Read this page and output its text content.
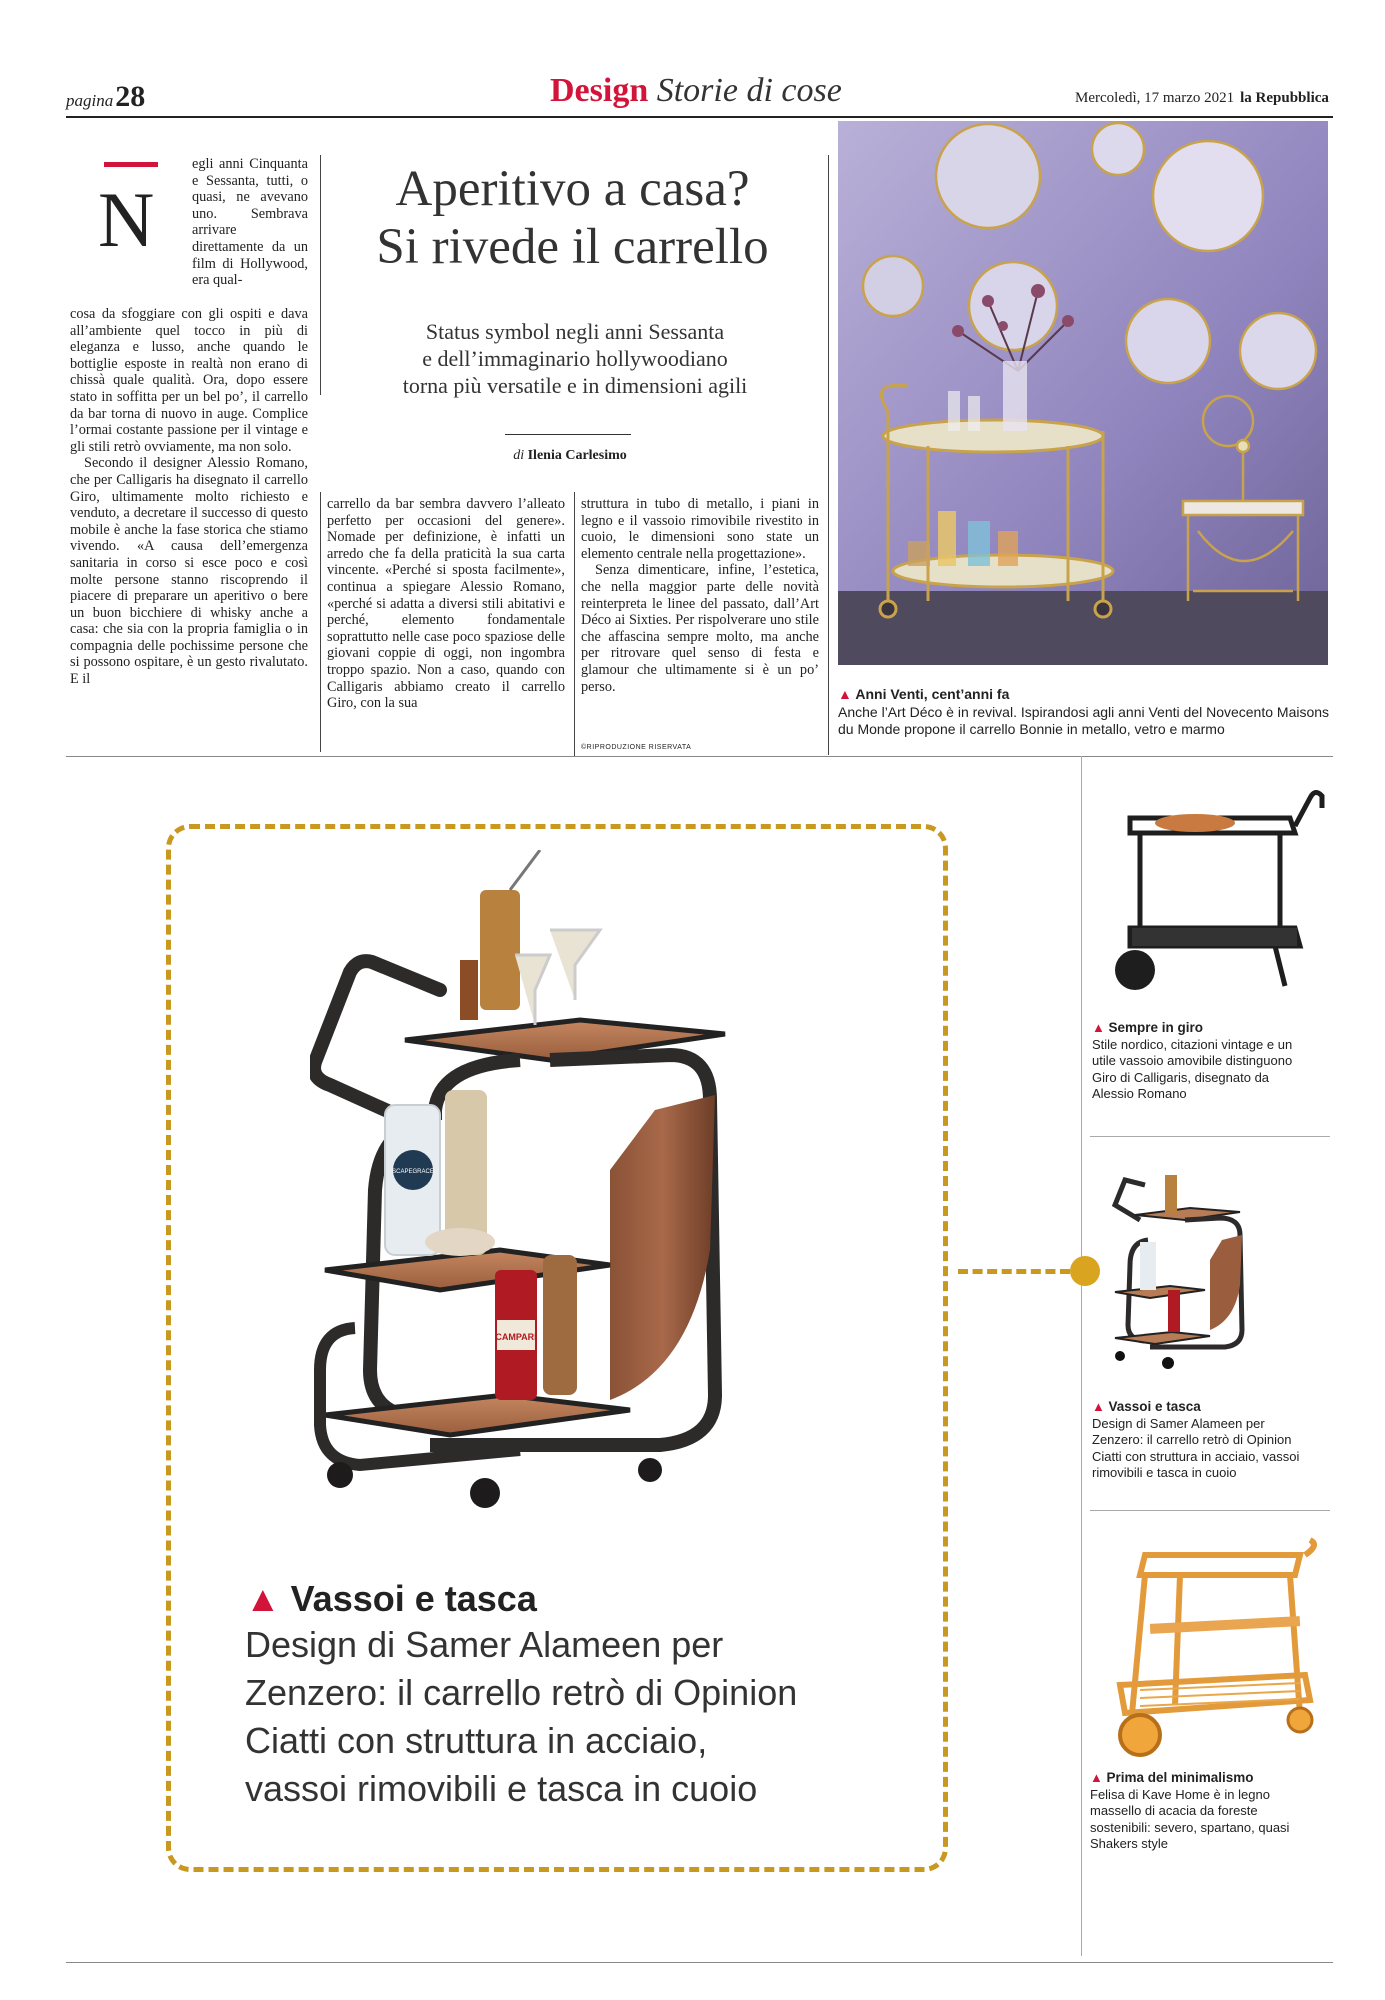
pagina28	Design Storie di cose	Mercoledì, 17 marzo 2021 la Repubblica
N

egli anni Cinquanta e Sessanta, tutti, o quasi, ne avevano uno. Sembrava arrivare direttamente da un film di Hollywood, era qual-

cosa da sfoggiare con gli ospiti e dava all’ambiente quel tocco in più di eleganza e lusso, anche quando le bottiglie esposte in realtà non erano di chissà quale qualità. Ora, dopo essere stato in soffitta per un bel po’, il carrello da bar torna di nuovo in auge. Complice l’ormai costante passione per il vintage e gli stili retrò ovviamente, ma non solo.

Secondo il designer Alessio Romano, che per Calligaris ha disegnato il carrello Giro, ultimamente molto richiesto e venduto, a decretare il successo di questo mobile è anche la fase storica che stiamo vivendo. «A causa dell’emergenza sanitaria in corso si esce poco e così molte persone stanno riscoprendo il piacere di preparare un aperitivo o bere un buon bicchiere di whisky anche a casa: che sia con la propria famiglia o in compagnia delle pochissime persone che si possono ospitare, è un gesto rivalutato. E il

Aperitivo a casa?
Si rivede il carrello
Status symbol negli anni Sessanta
e dell’immaginario hollywoodiano
torna più versatile e in dimensioni agili
di Ilenia Carlesimo

carrello da bar sembra davvero l’alleato perfetto per occasioni del genere». Nomade per definizione, è infatti un arredo che fa della praticità la sua carta vincente. «Perché si sposta facilmente», continua a spiegare Alessio Romano, «perché si adatta a diversi stili abitativi e perché, elemento fondamentale soprattutto nelle case poco spaziose delle giovani coppie di oggi, non ingombra troppo spazio. Non a caso, quando con Calligaris abbiamo creato il carrello Giro, con la sua

struttura in tubo di metallo, i piani in legno e il vassoio rimovibile rivestito in cuoio, le dimensioni sono state un elemento centrale nella progettazione».

Senza dimenticare, infine, l’estetica, che nella maggior parte delle novità reinterpreta le linee del passato, dall’Art Déco ai Sixties. Per rispolverare uno stile che affascina sempre molto, ma anche per ritrovare quel senso di festa e glamour che ultimamente si è un po’ perso.

©RIPRODUZIONE RISERVATA
▲ Anni Venti, cent’anni fa
Anche l’Art Déco è in revival. Ispirandosi agli anni Venti del Novecento Maisons du Monde propone il carrello Bonnie in metallo, vetro e marmo
SCAPEGRACE
CAMPARI
▲ Vassoi e tasca
Design di Samer Alameen per
Zenzero: il carrello retrò di Opinion
Ciatti con struttura in acciaio,
vassoi rimovibili e tasca in cuoio
▲ Sempre in giro
Stile nordico, citazioni vintage e un utile vassoio amovibile distinguono Giro di Calligaris, disegnato da Alessio Romano
▲ Vassoi e tasca
Design di Samer Alameen per Zenzero: il carrello retrò di Opinion Ciatti con struttura in acciaio, vassoi rimovibili e tasca in cuoio
▲ Prima del minimalismo
Felisa di Kave Home è in legno massello di acacia da foreste sostenibili: severo, spartano, quasi Shakers style
